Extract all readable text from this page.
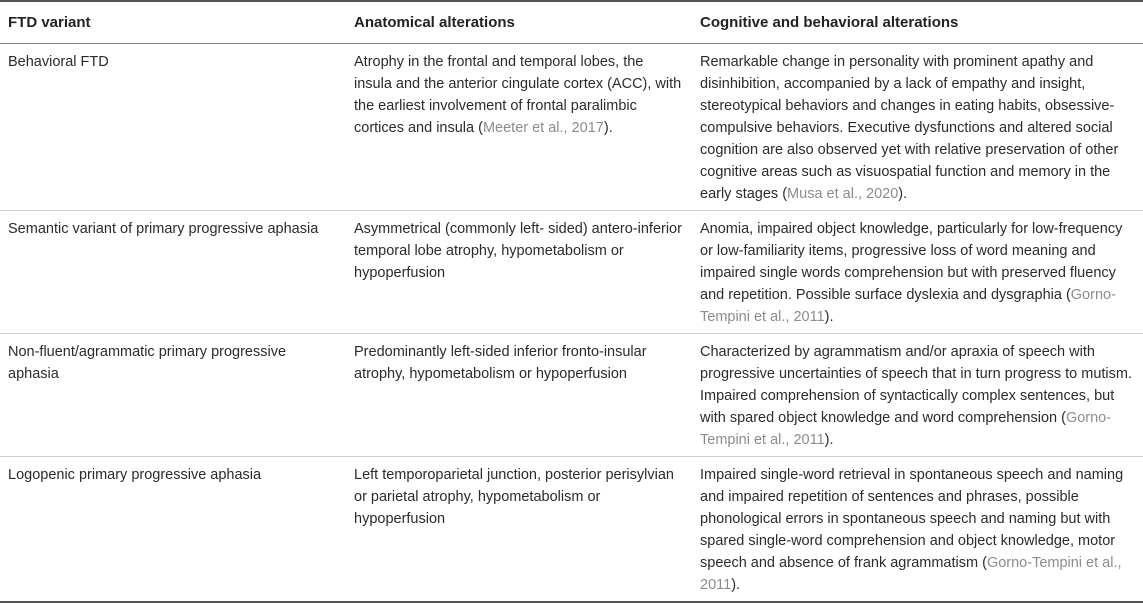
FTD variant	Anatomical alterations	Cognitive and behavioral alterations
Behavioral FTD	Atrophy in the frontal and temporal lobes, the insula and the anterior cingulate cortex (ACC), with the earliest involvement of frontal paralimbic cortices and insula (Meeter et al., 2017).	Remarkable change in personality with prominent apathy and disinhibition, accompanied by a lack of empathy and insight, stereotypical behaviors and changes in eating habits, obsessive-compulsive behaviors. Executive dysfunctions and altered social cognition are also observed yet with relative preservation of other cognitive areas such as visuospatial function and memory in the early stages (Musa et al., 2020).
Semantic variant of primary progressive aphasia	Asymmetrical (commonly left- sided) antero-inferior temporal lobe atrophy, hypometabolism or hypoperfusion	Anomia, impaired object knowledge, particularly for low-frequency or low-familiarity items, progressive loss of word meaning and impaired single words comprehension but with preserved fluency and repetition. Possible surface dyslexia and dysgraphia (Gorno-Tempini et al., 2011).
Non-fluent/agrammatic primary progressive aphasia	Predominantly left-sided inferior fronto-insular atrophy, hypometabolism or hypoperfusion	Characterized by agrammatism and/or apraxia of speech with progressive uncertainties of speech that in turn progress to mutism. Impaired comprehension of syntactically complex sentences, but with spared object knowledge and word comprehension (Gorno-Tempini et al., 2011).
Logopenic primary progressive aphasia	Left temporoparietal junction, posterior perisylvian or parietal atrophy, hypometabolism or hypoperfusion	Impaired single-word retrieval in spontaneous speech and naming and impaired repetition of sentences and phrases, possible phonological errors in spontaneous speech and naming but with spared single-word comprehension and object knowledge, motor speech and absence of frank agrammatism (Gorno-Tempini et al., 2011).
